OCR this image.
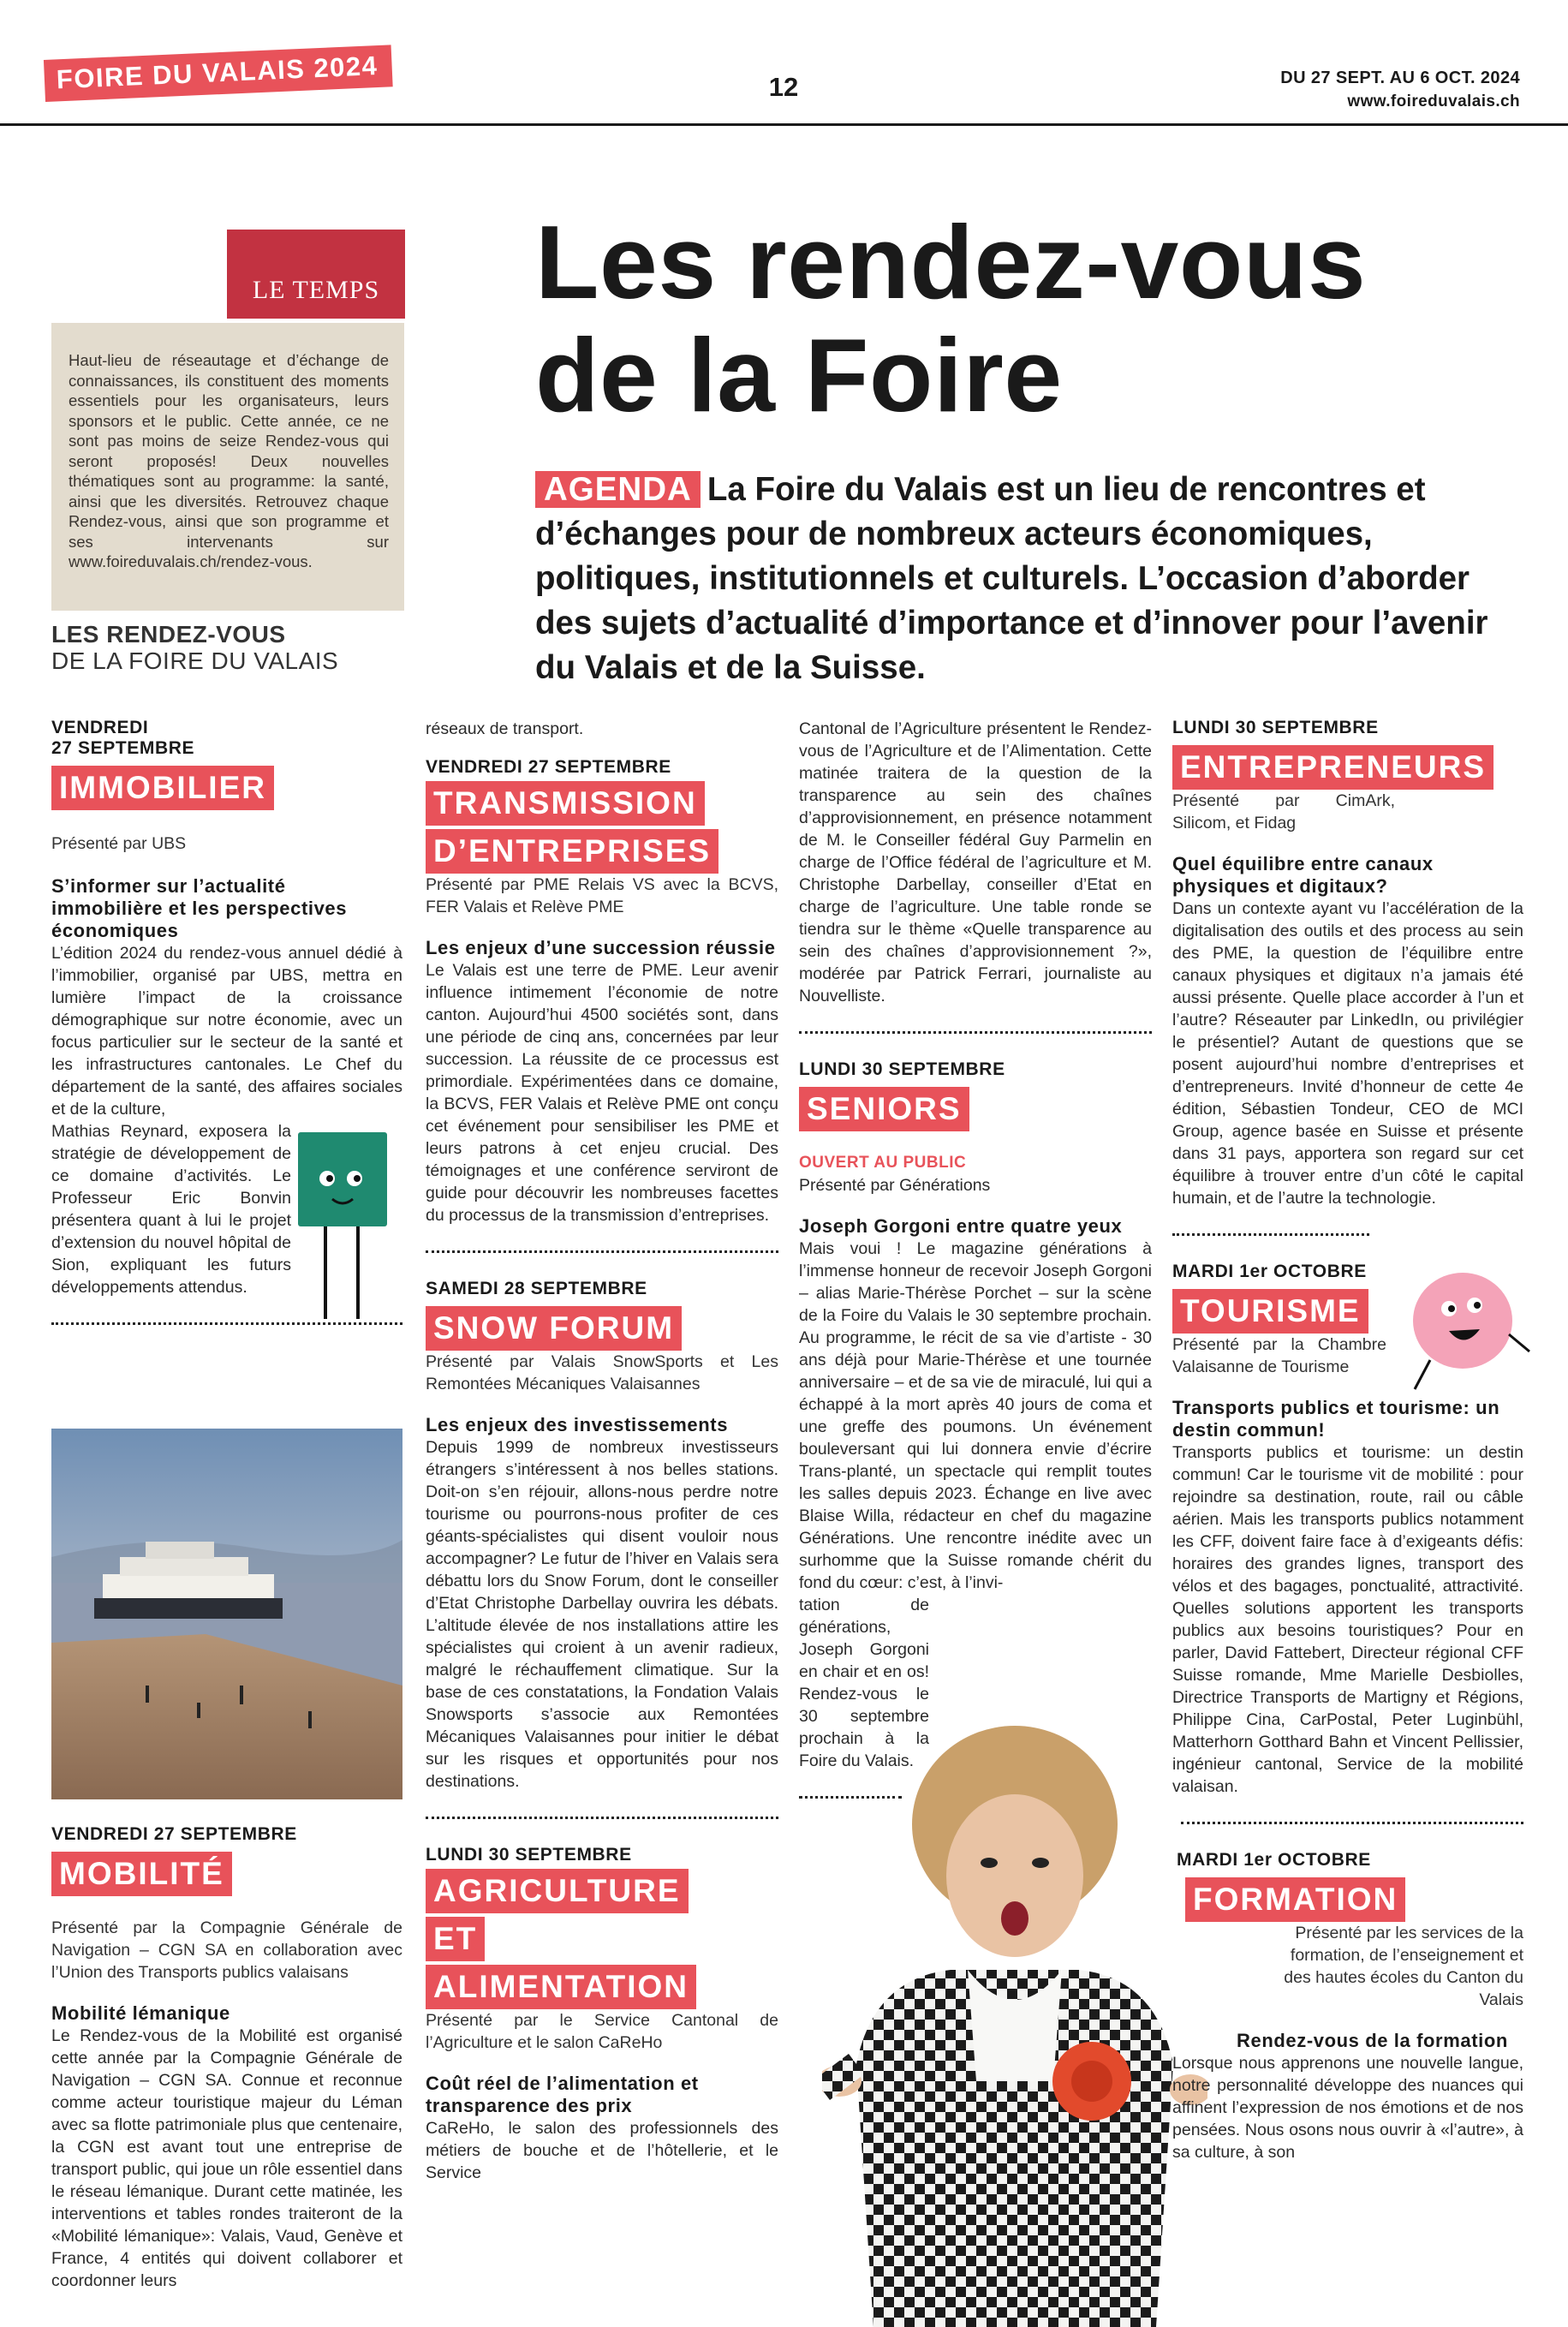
FOIRE DU VALAIS 2024	12	DU 27 SEPT. AU 6 OCT. 2024
www.foireduvalais.ch
LE TEMPS

Haut-lieu de réseautage et d’échange de connaissances, ils constituent des moments essentiels pour les organisateurs, leurs sponsors et le public. Cette année, ce ne sont pas moins de seize Rendez-vous qui seront proposés! Deux nouvelles thématiques sont au programme: la santé, ainsi que les diversités. Retrouvez chaque Rendez-vous, ainsi que son programme et ses intervenants sur www.foireduvalais.ch/rendez-vous.

LES RENDEZ-VOUS
DE LA FOIRE DU VALAIS
Les rendez-vous
de la Foire
AGENDA La Foire du Valais est un lieu de rencontres et d’échanges pour de nombreux acteurs économiques, politiques, institutionnels et culturels. L’occasion d’aborder des sujets d’actualité d’importance et d’innover pour l’avenir du Valais et de la Suisse.
VENDREDI
27 SEPTEMBRE
IMMOBILIER
Présenté par UBS
S’informer sur l’actualité immobilière et les perspectives économiques

L’édition 2024 du rendez-vous annuel dédié à l’immobilier, organisé par UBS, mettra en lumière l’impact de la croissance démographique sur notre économie, avec un focus particulier sur le secteur de la santé et les infrastructures cantonales. Le Chef du département de la santé, des affaires sociales et de la culture,

Mathias Reynard, exposera la stratégie de développement de ce domaine d’activités. Le Professeur Eric Bonvin présentera quant à lui le projet d’extension du nouvel hôpital de Sion, expliquant les futurs développements attendus.

VENDREDI 27 SEPTEMBRE
MOBILITÉ

Présenté par la Compagnie Générale de Navigation – CGN SA en collaboration avec l’Union des Transports publics valaisans

Mobilité lémanique

Le Rendez-vous de la Mobilité est organisé cette année par la Compagnie Générale de Navigation – CGN SA. Connue et reconnue comme acteur touristique majeur du Léman avec sa flotte patrimoniale plus que centenaire, la CGN est avant tout une entreprise de transport public, qui joue un rôle essentiel dans le réseau lémanique. Durant cette matinée, les interventions et tables rondes traiteront de la «Mobilité lémanique»: Valais, Vaud, Genève et France, 4 entités qui doivent collaborer et coordonner leurs

réseaux de transport.

VENDREDI 27 SEPTEMBRE
TRANSMISSION
D’ENTREPRISES

Présenté par PME Relais VS avec la BCVS, FER Valais et Relève PME

Les enjeux d’une succession réussie

Le Valais est une terre de PME. Leur avenir influence intimement l’économie de notre canton. Aujourd’hui 4500 sociétés sont, dans une période de cinq ans, concernées par leur succession. La réussite de ce processus est primordiale. Expérimentées dans ce domaine, la BCVS, FER Valais et Relève PME ont conçu cet événement pour sensibiliser les PME et leurs patrons à cet enjeu crucial. Des témoignages et une conférence serviront de guide pour découvrir les nombreuses facettes du processus de la transmission d’entreprises.

SAMEDI 28 SEPTEMBRE
SNOW FORUM

Présenté par Valais SnowSports et Les Remontées Mécaniques Valaisannes

Les enjeux des investissements

Depuis 1999 de nombreux investisseurs étrangers s’intéressent à nos belles stations. Doit-on s’en réjouir, allons-nous perdre notre tourisme ou pourrons-nous profiter de ces géants-spécialistes qui disent vouloir nous accompagner? Le futur de l’hiver en Valais sera débattu lors du Snow Forum, dont le conseiller d’Etat Christophe Darbellay ouvrira les débats. L’altitude élevée de nos installations attire les spécialistes qui croient à un avenir radieux, malgré le réchauffement climatique. Sur la base de ces constatations, la Fondation Valais Snowsports s’associe aux Remontées Mécaniques Valaisannes pour initier le débat sur les risques et opportunités pour nos destinations.

LUNDI 30 SEPTEMBRE
AGRICULTURE
ET
ALIMENTATION

Présenté par le Service Cantonal de l’Agriculture et le salon CaReHo

Coût réel de l’alimentation et transparence des prix

CaReHo, le salon des professionnels des métiers de bouche et de l’hôtellerie, et le Service

Cantonal de l’Agriculture présentent le Rendez-vous de l’Agriculture et de l’Alimentation. Cette matinée traitera de la question de la transparence au sein des chaînes d’approvisionnement, en présence notamment de M. le Conseiller fédéral Guy Parmelin en charge de l’Office fédéral de l’agriculture et M. Christophe Darbellay, conseiller d’Etat en charge de l’agriculture. Une table ronde se tiendra sur le thème «Quelle transparence au sein des chaînes d’approvisionnement ?», modérée par Patrick Ferrari, journaliste au Nouvelliste.

LUNDI 30 SEPTEMBRE
SENIORS
OUVERT AU PUBLIC

Présenté par Générations

Joseph Gorgoni entre quatre yeux

Mais voui ! Le magazine générations à l’immense honneur de recevoir Joseph Gorgoni – alias Marie-Thérèse Porchet – sur la scène de la Foire du Valais le 30 septembre prochain. Au programme, le récit de sa vie d’artiste - 30 ans déjà pour Marie-Thérèse et une tournée anniversaire – et de sa vie de miraculé, lui qui a échappé à la mort après 40 jours de coma et une greffe des poumons. Un événement bouleversant qui lui donnera envie d’écrire Trans-planté, un spectacle qui remplit toutes les salles depuis 2023. Échange en live avec Blaise Willa, rédacteur en chef du magazine Générations. Une rencontre inédite avec un surhomme que la Suisse romande chérit du fond du cœur: c’est, à l’invi-

tation de générations, Joseph Gorgoni en chair et en os! Rendez-vous le 30 septembre prochain à la Foire du Valais.

LUNDI 30 SEPTEMBRE
ENTREPRENEURS

Présenté par CimArk, Silicom, et Fidag

Quel équilibre entre canaux physiques et digitaux?

Dans un contexte ayant vu l’accélération de la digitalisation des outils et des process au sein des PME, la question de l’équilibre entre canaux physiques et digitaux n’a jamais été aussi présente. Quelle place accorder à l’un et l’autre? Réseauter par LinkedIn, ou privilégier le présentiel? Autant de questions que se posent aujourd’hui nombre d’entreprises et d’entrepreneurs. Invité d’honneur de cette 4e édition, Sébastien Tondeur, CEO de MCI Group, agence basée en Suisse et présente dans 31 pays, apportera son regard sur cet équilibre à trouver entre d’un côté le capital humain, et de l’autre la technologie.

MARDI 1er OCTOBRE
TOURISME

Présenté par la Chambre Valaisanne de Tourisme

Transports publics et tourisme: un destin commun!

Transports publics et tourisme: un destin commun! Car le tourisme vit de mobilité : pour rejoindre sa destination, route, rail ou câble aérien. Mais les transports publics notamment les CFF, doivent faire face à d’exigeants défis: horaires des grandes lignes, transport des vélos et des bagages, ponctualité, attractivité. Quelles solutions apportent les transports publics aux besoins touristiques? Pour en parler, David Fattebert, Directeur régional CFF Suisse romande, Mme Marielle Desbiolles, Directrice Transports de Martigny et Régions, Philippe Cina, CarPostal, Peter Luginbühl, Matterhorn Gotthard Bahn et Vincent Pellissier, ingénieur cantonal, Service de la mobilité valaisan.

MARDI 1er OCTOBRE
FORMATION

Présenté par les services de la formation, de l’enseignement et des hautes écoles du Canton du Valais

Rendez-vous de la formation

Lorsque nous apprenons une nouvelle langue, notre personnalité développe des nuances qui affinent l’expression de nos émotions et de nos pensées. Nous osons nous ouvrir à «l’autre», à sa culture, à son
